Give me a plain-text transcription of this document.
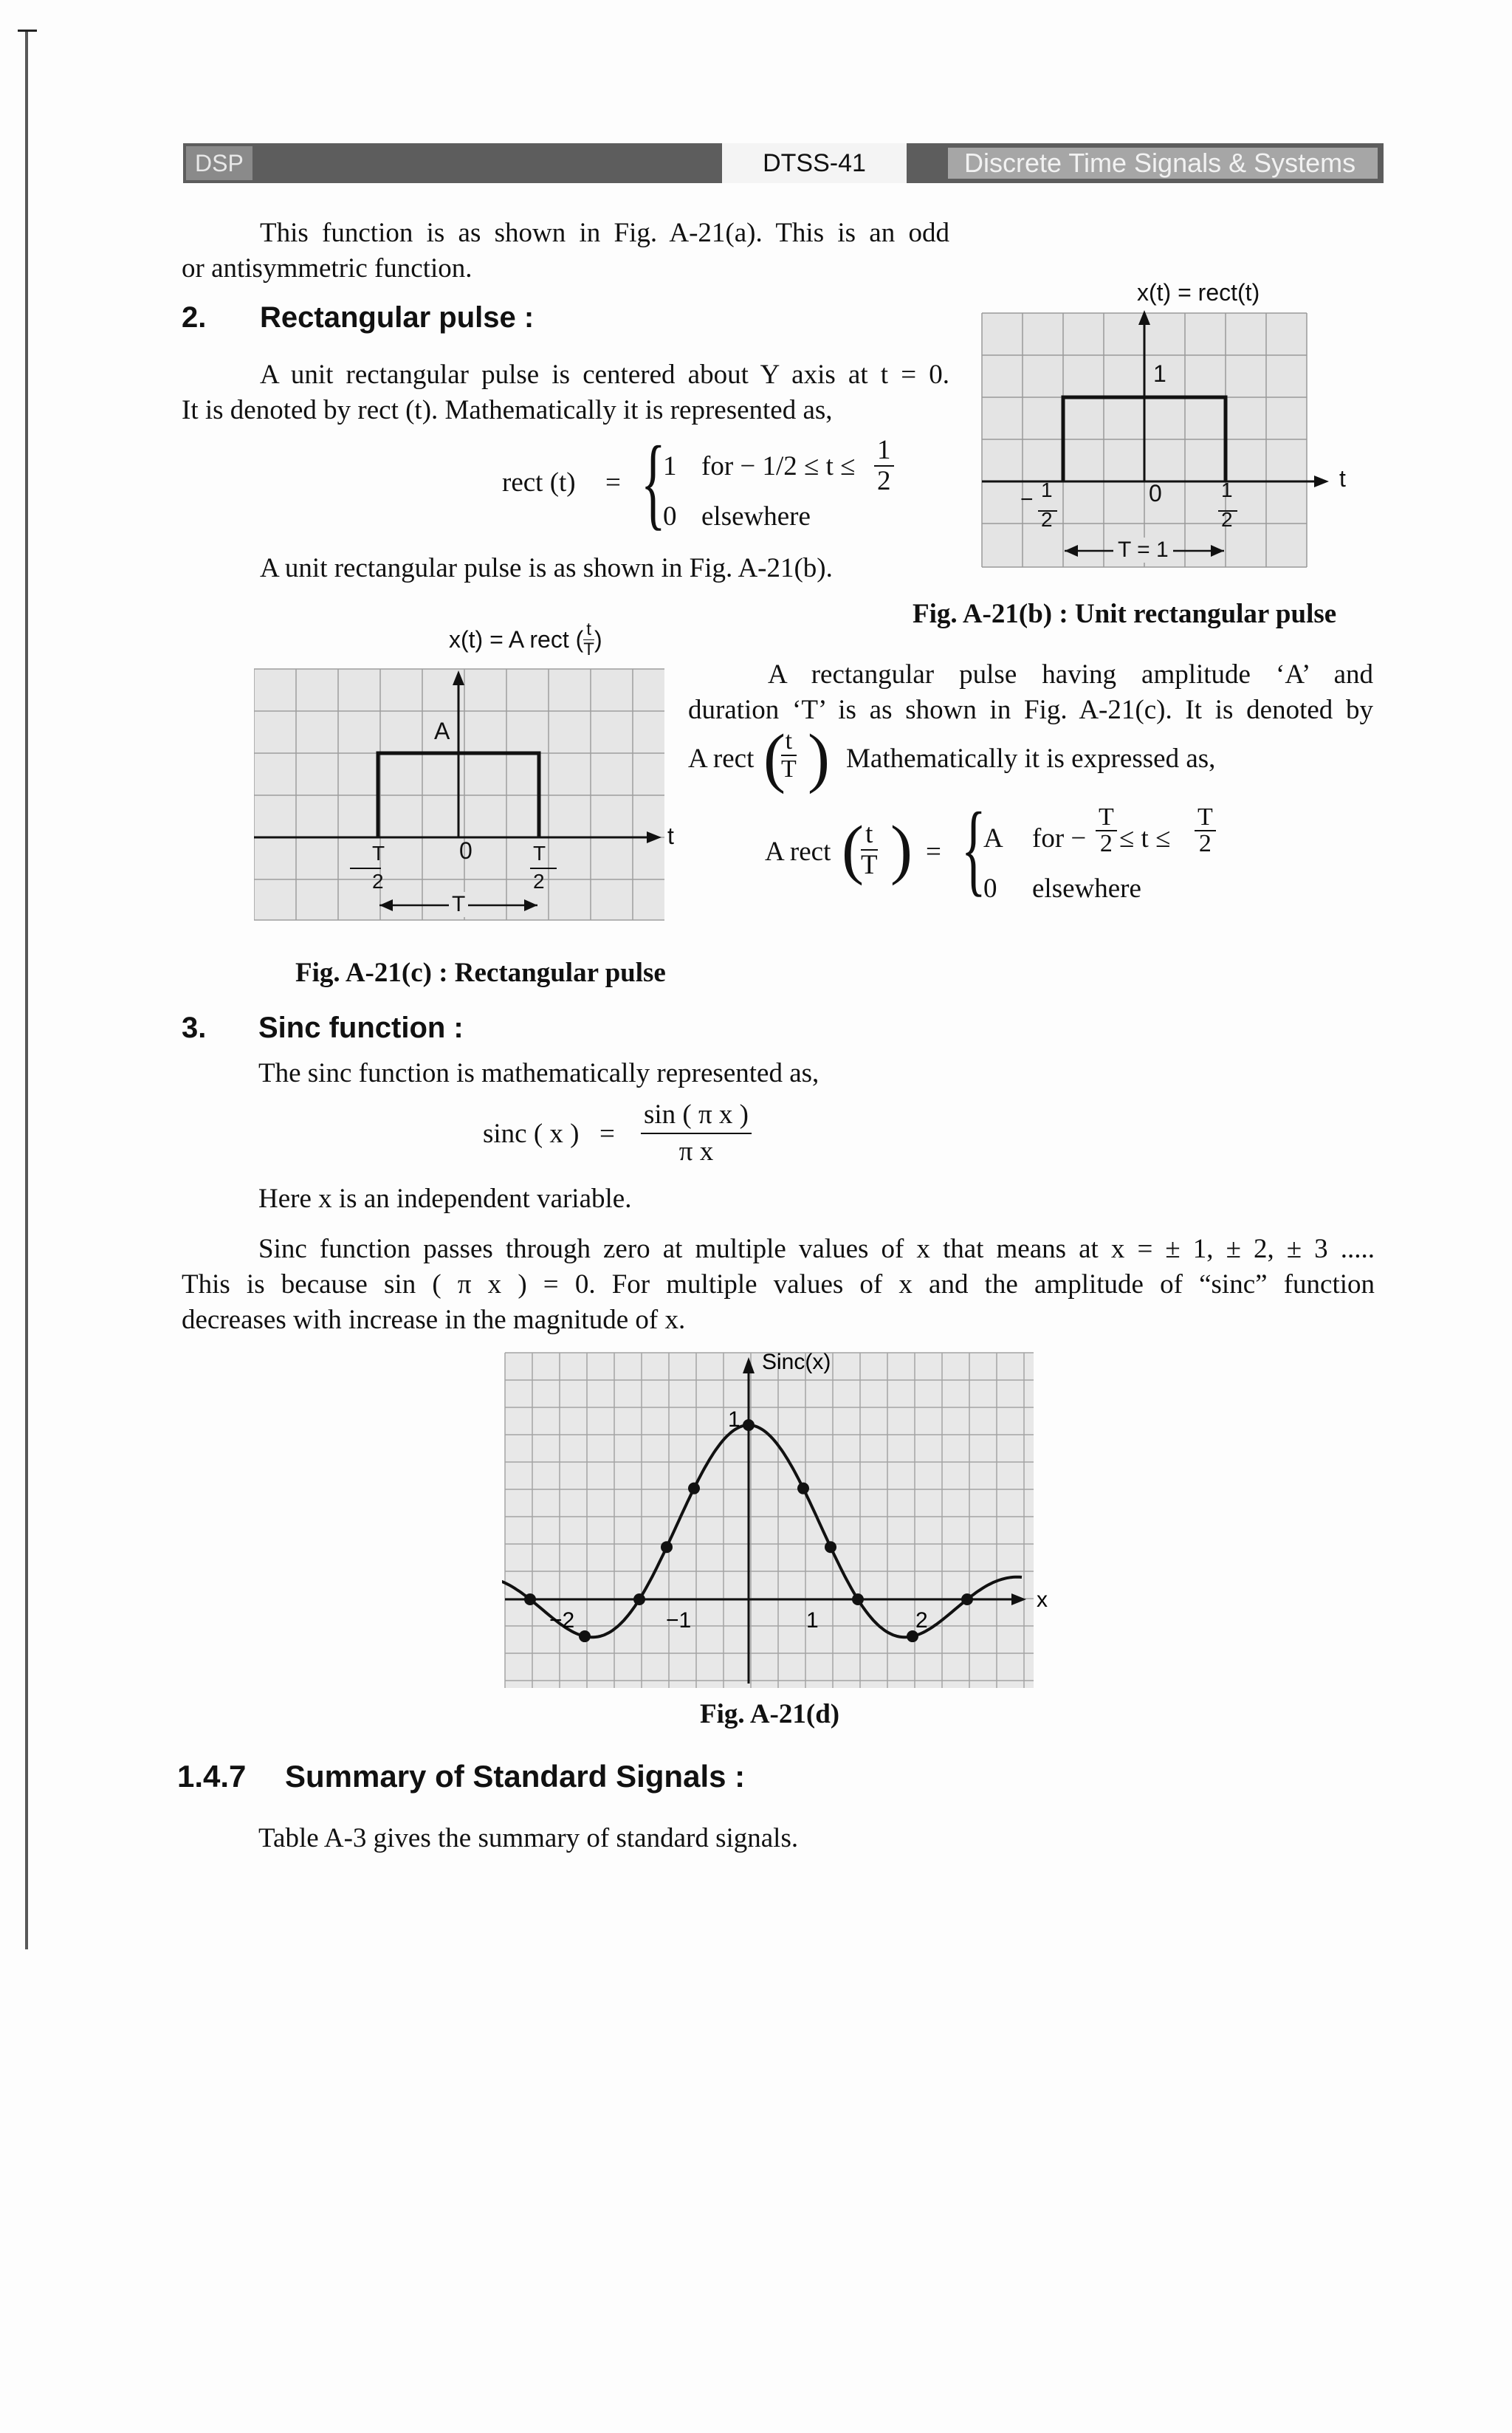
DSP	DTSS-41	Discrete Time Signals & Systems
This function is as shown in Fig. A-21(a). This is an odd
or antisymmetric function.
2. Rectangular pulse :
A unit rectangular pulse is centered about Y axis at t = 0.
It is denoted by rect (t). Mathematically it is represented as,
rect (t) = {
1 for − $1/2 \le t \le \frac{1}{2}$
0 elsewhere
A unit rectangular pulse is as shown in Fig. A-21(b).
x(t) = rect(t)
1
0
t
− 1
2
1
2
T = 1
Fig. A-21(b) : Unit rectangular pulse
x(t) = A rect ( $\frac{t}{T}$ )
A
0
t
T
2
T
2
T
Fig. A-21(c) : Rectangular pulse
A rectangular pulse having amplitude ‘A’ and
duration ‘T’ is as shown in Fig. A-21(c). It is denoted by
A rect (
$\frac{t}{T}$ ) Mathematically it is expressed as,
A rect (
$\frac{t}{T}$ ) = {
A for − $\frac{T}{2} \le t \le \frac{T}{2}$
0 elsewhere
3. Sinc function :
The sinc function is mathematically represented as,
sinc ( x ) = $\frac{\text{sin ( π x )}}{\text{π x}}$
Here x is an independent variable.
Sinc function passes through zero at multiple values of x that means at x = ± 1, ± 2, ± 3 .....
This is because sin ( π x ) = 0. For multiple values of x and the amplitude of “sinc” function
decreases with increase in the magnitude of x.
Sinc(x)
x
1
−2	−1	1	2
Fig. A-21(d)
1.4.7 Summary of Standard Signals :
Table A-3 gives the summary of standard signals.
